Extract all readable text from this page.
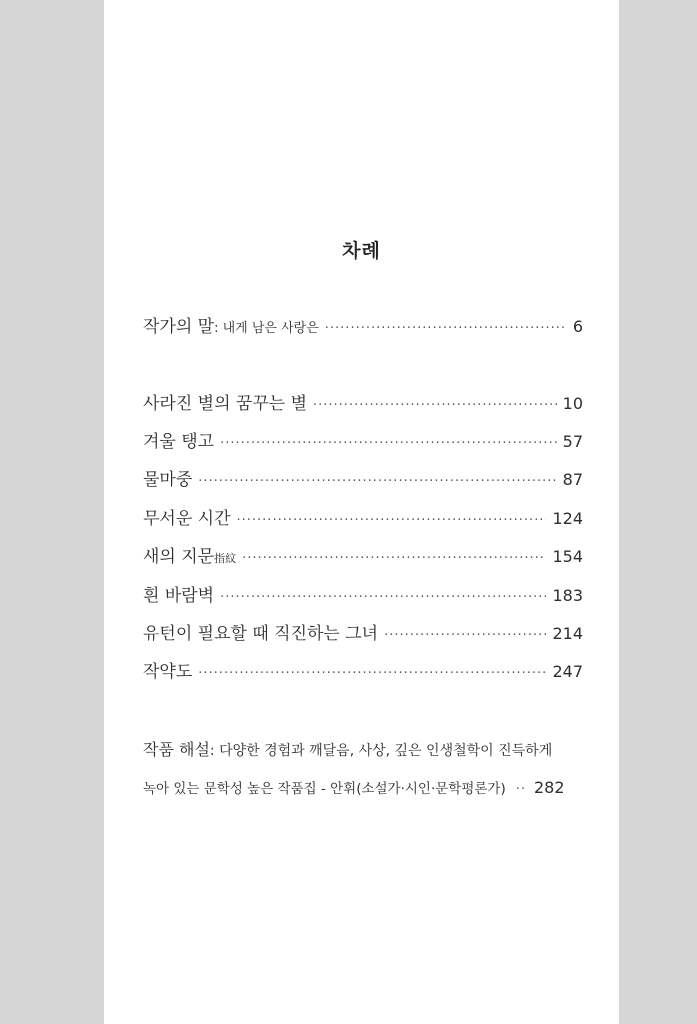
차례
작가의 말: 내게 남은 사랑은 ·····	6
사라진 별의 꿈꾸는 별 ·····	10
겨울 탱고 ·····	57
물마중 ·····	87
무서운 시간 ·····	124
새의 지문指紋 ·····	154
흰 바람벽 ·····	183
유턴이 필요할 때 직진하는 그녀 ·····	214
작약도 ·····	247
작품 해설: 다양한 경험과 깨달음, 사상, 깊은 인생철학이 진득하게
녹아 있는 문학성 높은 작품집 - 안휘(소설가·시인·문학평론가) ·· 282
